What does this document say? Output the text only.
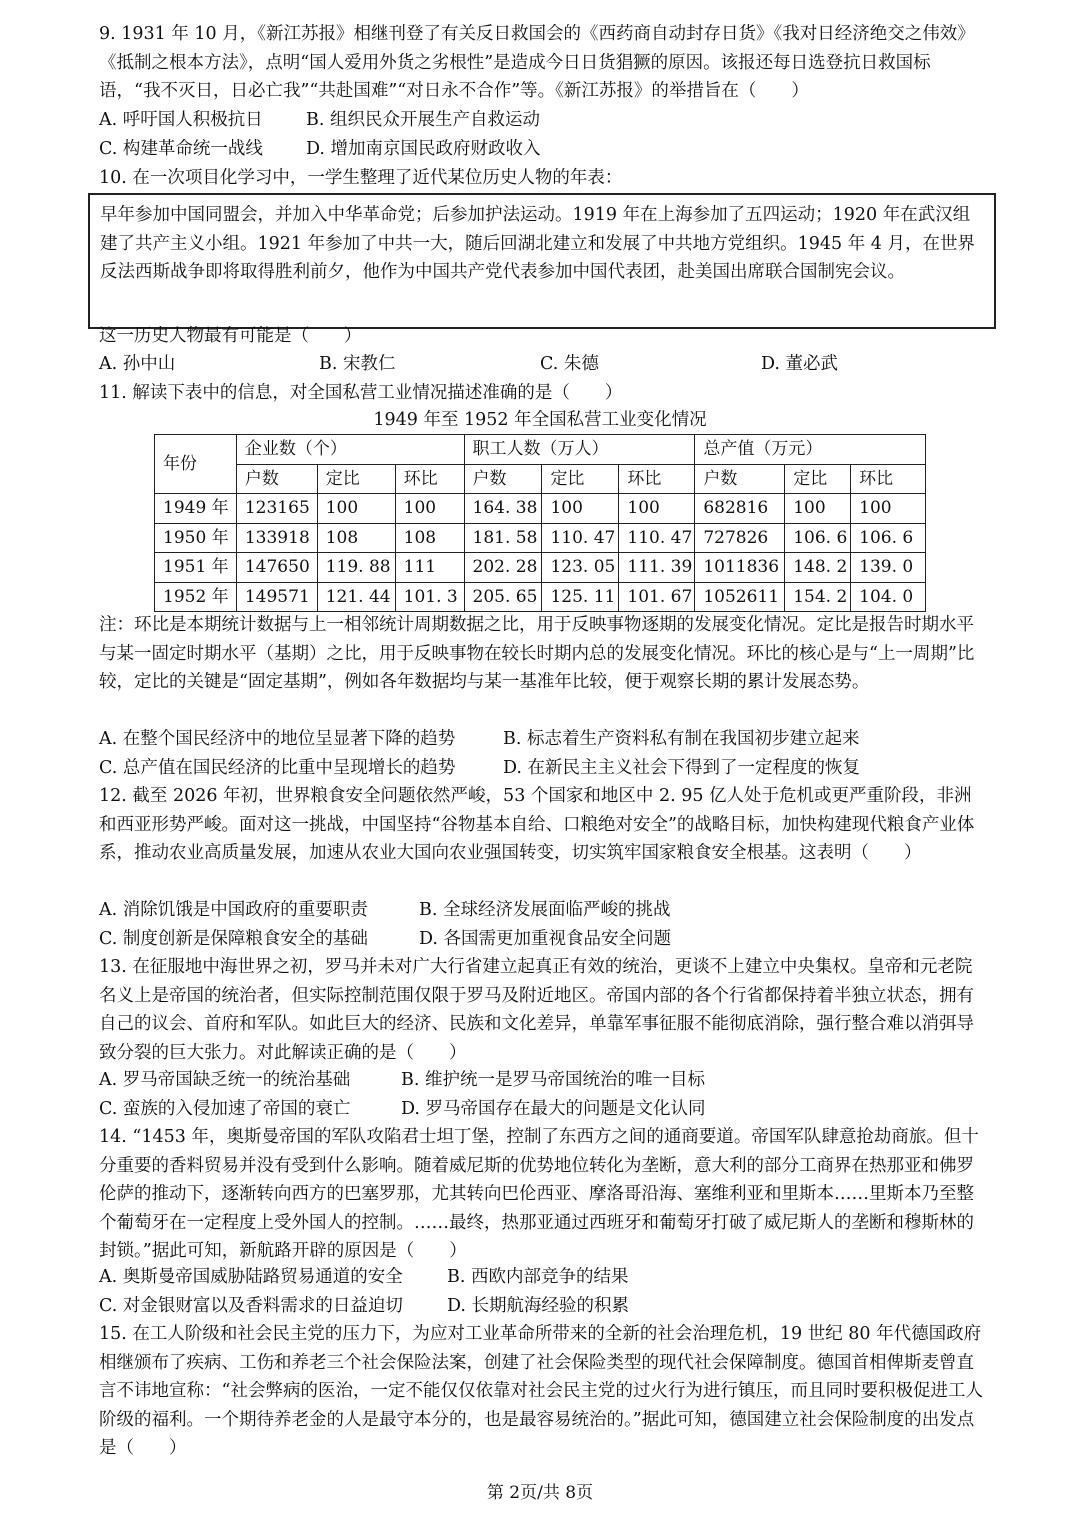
9. 1931 年 10 月，《新江苏报》相继刊登了有关反日救国会的《西药商自动封存日货》《我对日经济绝交之伟效》《抵制之根本方法》，点明“国人爱用外货之劣根性”是造成今日日货猖獗的原因。该报还每日选登抗日救国标语，“我不灭日，日必亡我”“共赴国难”“对日永不合作”等。《新江苏报》的举措旨在（　　）
A. 呼吁国人积极抗日 B. 组织民众开展生产自救运动
C. 构建革命统一战线 D. 增加南京国民政府财政收入
10. 在一次项目化学习中，一学生整理了近代某位历史人物的年表：
早年参加中国同盟会，并加入中华革命党；后参加护法运动。1919 年在上海参加了五四运动；1920 年在武汉组建了共产主义小组。1921 年参加了中共一大，随后回湖北建立和发展了中共地方党组织。1945 年 4 月，在世界反法西斯战争即将取得胜利前夕，他作为中国共产党代表参加中国代表团，赴美国出席联合国制宪会议。
这一历史人物最有可能是（　　）
A. 孙中山	B. 宋教仁	C. 朱德	D. 董必武
11. 解读下表中的信息，对全国私营工业情况描述准确的是（　　）
1949 年至 1952 年全国私营工业变化情况
年份	企业数（个）			职工人数（万人）			总产值（万元）		
	户数	定比	环比	户数	定比	环比	户数	定比	环比
1949 年	123165	100	100	164. 38	100	100	682816	100	100
1950 年	133918	108	108	181. 58	110. 47	110. 47	727826	106. 6	106. 6
1951 年	147650	119. 88	111	202. 28	123. 05	111. 39	1011836	148. 2	139. 0
1952 年	149571	121. 44	101. 3	205. 65	125. 11	101. 67	1052611	154. 2	104. 0
注：环比是本期统计数据与上一相邻统计周期数据之比，用于反映事物逐期的发展变化情况。定比是报告时期水平与某一固定时期水平（基期）之比，用于反映事物在较长时期内总的发展变化情况。环比的核心是与“上一周期”比较，定比的关键是“固定基期”，例如各年数据均与某一基准年比较，便于观察长期的累计发展态势。
A. 在整个国民经济中的地位呈显著下降的趋势	B. 标志着生产资料私有制在我国初步建立起来
C. 总产值在国民经济的比重中呈现增长的趋势	D. 在新民主主义社会下得到了一定程度的恢复
12. 截至 2026 年初，世界粮食安全问题依然严峻，53 个国家和地区中 2. 95 亿人处于危机或更严重阶段，非洲和西亚形势严峻。面对这一挑战，中国坚持“谷物基本自给、口粮绝对安全”的战略目标，加快构建现代粮食产业体系，推动农业高质量发展，加速从农业大国向农业强国转变，切实筑牢国家粮食安全根基。这表明（　　）
A. 消除饥饿是中国政府的重要职责	B. 全球经济发展面临严峻的挑战
C. 制度创新是保障粮食安全的基础	D. 各国需更加重视食品安全问题
13. 在征服地中海世界之初，罗马并未对广大行省建立起真正有效的统治，更谈不上建立中央集权。皇帝和元老院名义上是帝国的统治者，但实际控制范围仅限于罗马及附近地区。帝国内部的各个行省都保持着半独立状态，拥有自己的议会、首府和军队。如此巨大的经济、民族和文化差异，单靠军事征服不能彻底消除，强行整合难以消弭导致分裂的巨大张力。对此解读正确的是（　　）
A. 罗马帝国缺乏统一的统治基础	B. 维护统一是罗马帝国统治的唯一目标
C. 蛮族的入侵加速了帝国的衰亡	D. 罗马帝国存在最大的问题是文化认同
14. “1453 年，奥斯曼帝国的军队攻陷君士坦丁堡，控制了东西方之间的通商要道。帝国军队肆意抢劫商旅。但十分重要的香料贸易并没有受到什么影响。随着威尼斯的优势地位转化为垄断，意大利的部分工商界在热那亚和佛罗伦萨的推动下，逐渐转向西方的巴塞罗那，尤其转向巴伦西亚、摩洛哥沿海、塞维利亚和里斯本……里斯本乃至整个葡萄牙在一定程度上受外国人的控制。……最终，热那亚通过西班牙和葡萄牙打破了威尼斯人的垄断和穆斯林的封锁。”据此可知，新航路开辟的原因是（　　）
A. 奥斯曼帝国威胁陆路贸易通道的安全	B. 西欧内部竞争的结果
C. 对金银财富以及香料需求的日益迫切	D. 长期航海经验的积累
15. 在工人阶级和社会民主党的压力下，为应对工业革命所带来的全新的社会治理危机，19 世纪 80 年代德国政府相继颁布了疾病、工伤和养老三个社会保险法案，创建了社会保险类型的现代社会保障制度。德国首相俾斯麦曾直言不讳地宣称：“社会弊病的医治，一定不能仅仅依靠对社会民主党的过火行为进行镇压，而且同时要积极促进工人阶级的福利。一个期待养老金的人是最守本分的，也是最容易统治的。”据此可知，德国建立社会保险制度的出发点是（　　）
第 2页/共 8页
